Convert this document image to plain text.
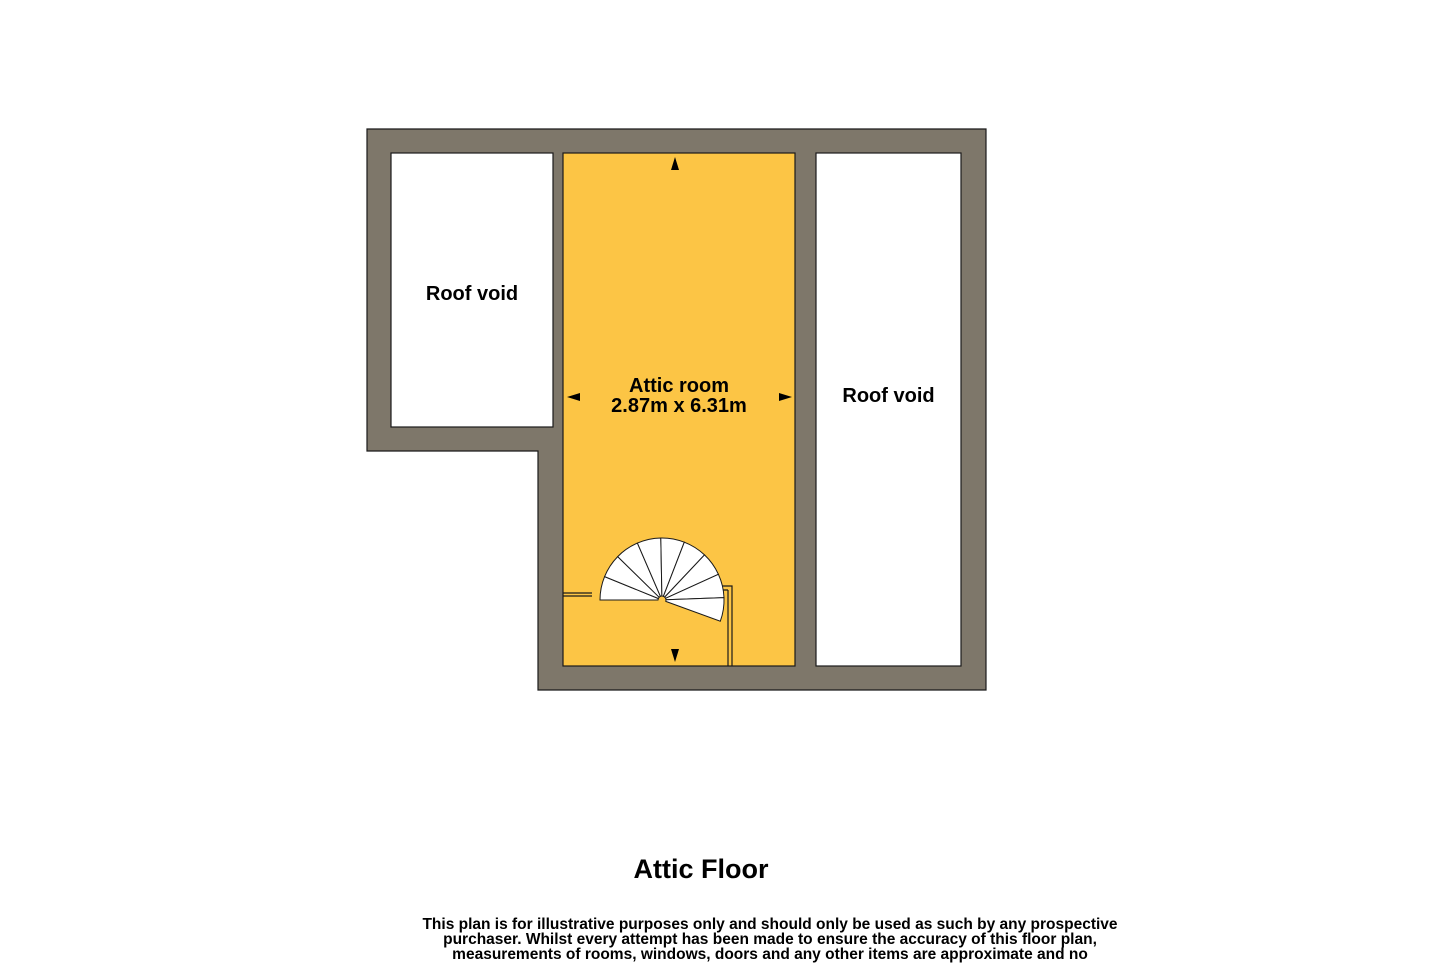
Roof void
Attic room
2.87m x 6.31m	Roof void
Attic Floor
This plan is for illustrative purposes only and should only be used as such by any prospective purchaser. Whilst every attempt has been made to ensure the accuracy of this floor plan, measurements of rooms, windows, doors and any other items are approximate and no
